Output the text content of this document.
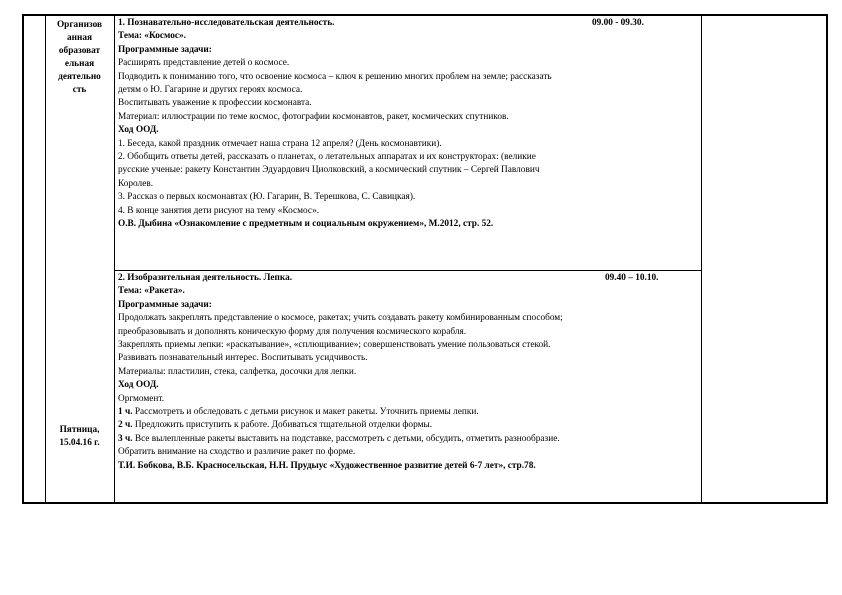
Организов
анная
образоват
ельная
деятельно
сть
Пятница,
15.04.16 г.
1. Познавательно-исследовательская деятельность.	09.00 - 09.30.
Тема: «Космос».
Программные задачи:
Расширять представление детей о космосе.
Подводить к пониманию того, что освоение космоса – ключ к решению многих проблем на земле; рассказать
детям о Ю. Гагарине и других героях космоса.
Воспитывать уважение к профессии космонавта.
Материал: иллюстрации по теме космос, фотографии космонавтов, ракет, космических спутников.
Ход ООД.
1. Беседа, какой праздник отмечает наша страна 12 апреля? (День космонавтики).
2. Обобщить ответы детей, рассказать о планетах, о летательных аппаратах и их конструкторах: (великие
русские ученые: ракету Константин Эдуардович Циолковский, а космический спутник – Сергей Павлович
Королев.
3. Рассказ о первых космонавтах (Ю. Гагарин, В. Терешкова, С. Савицкая).
4. В конце занятия дети рисуют на тему «Космос».
О.В. Дыбина «Ознакомление с предметным и социальным окружением», М.2012, стр. 52.
2. Изобразительная деятельность. Лепка.	09.40 – 10.10.
Тема: «Ракета».
Программные задачи:
Продолжать закреплять представление о космосе, ракетах; учить создавать ракету комбинированным способом;
преобразовывать и дополнять коническую форму для получения космического корабля.
Закреплять приемы лепки: «раскатывание», «сплющивание»; совершенствовать умение пользоваться стекой.
Развивать познавательный интерес. Воспитывать усидчивость.
Материалы: пластилин, стека, салфетка, досочки для лепки.
Ход ООД.
Оргмомент.
1 ч. Рассмотреть и обследовать с детьми рисунок и макет ракеты. Уточнить приемы лепки.
2 ч. Предложить приступить к работе. Добиваться тщательной отделки формы.
3 ч. Все вылепленные ракеты выставить на подставке, рассмотреть с детьми, обсудить, отметить разнообразие.
Обратить внимание на сходство и различие ракет по форме.
Т.И. Бобкова, В.Б. Красносельская, Н.Н. Прудыус «Художественное развитие детей 6-7 лет», стр.78.
